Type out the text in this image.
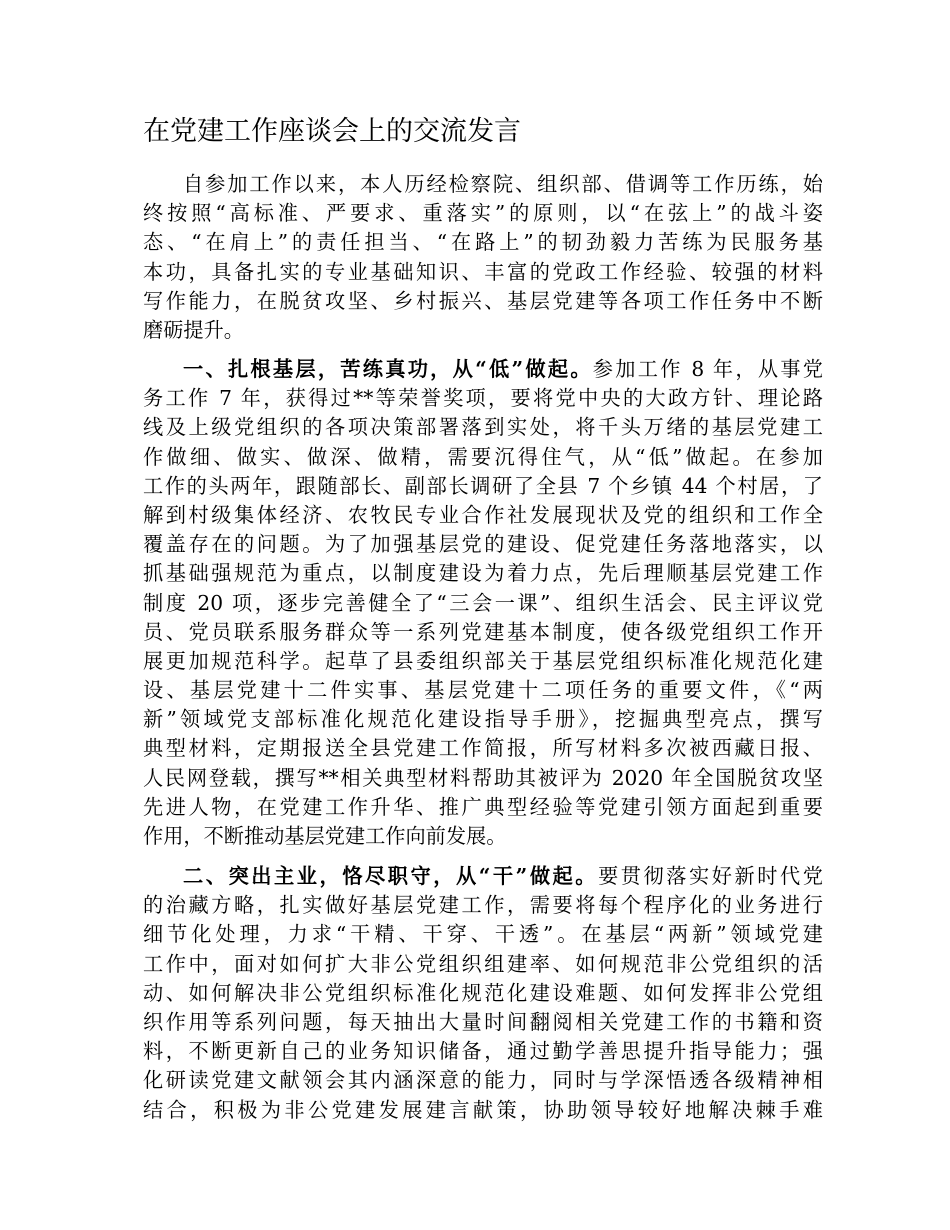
在党建工作座谈会上的交流发言
自参加工作以来，本人历经检察院、组织部、借调等工作历练，始
终按照“高标准、严要求、重落实”的原则，以“在弦上”的战斗姿
态、“在肩上”的责任担当、“在路上”的韧劲毅力苦练为民服务基
本功，具备扎实的专业基础知识、丰富的党政工作经验、较强的材料
写作能力，在脱贫攻坚、乡村振兴、基层党建等各项工作任务中不断
磨砺提升。
一、扎根基层，苦练真功，从“低”做起。参加工作 8 年，从事党
务工作 7 年，获得过**等荣誉奖项，要将党中央的大政方针、理论路
线及上级党组织的各项决策部署落到实处，将千头万绪的基层党建工
作做细、做实、做深、做精，需要沉得住气，从“低”做起。在参加
工作的头两年，跟随部长、副部长调研了全县 7 个乡镇 44 个村居，了
解到村级集体经济、农牧民专业合作社发展现状及党的组织和工作全
覆盖存在的问题。为了加强基层党的建设、促党建任务落地落实，以
抓基础强规范为重点，以制度建设为着力点，先后理顺基层党建工作
制度 20 项，逐步完善健全了“三会一课”、组织生活会、民主评议党
员、党员联系服务群众等一系列党建基本制度，使各级党组织工作开
展更加规范科学。起草了县委组织部关于基层党组织标准化规范化建
设、基层党建十二件实事、基层党建十二项任务的重要文件，《“两
新”领域党支部标准化规范化建设指导手册》，挖掘典型亮点，撰写
典型材料，定期报送全县党建工作简报，所写材料多次被西藏日报、
人民网登载，撰写**相关典型材料帮助其被评为 2020 年全国脱贫攻坚
先进人物，在党建工作升华、推广典型经验等党建引领方面起到重要
作用，不断推动基层党建工作向前发展。
二、突出主业，恪尽职守，从“干”做起。要贯彻落实好新时代党
的治藏方略，扎实做好基层党建工作，需要将每个程序化的业务进行
细节化处理，力求“干精、干穿、干透”。在基层“两新”领域党建
工作中，面对如何扩大非公党组织组建率、如何规范非公党组织的活
动、如何解决非公党组织标准化规范化建设难题、如何发挥非公党组
织作用等系列问题，每天抽出大量时间翻阅相关党建工作的书籍和资
料，不断更新自己的业务知识储备，通过勤学善思提升指导能力；强
化研读党建文献领会其内涵深意的能力，同时与学深悟透各级精神相
结合，积极为非公党建发展建言献策，协助领导较好地解决棘手难
